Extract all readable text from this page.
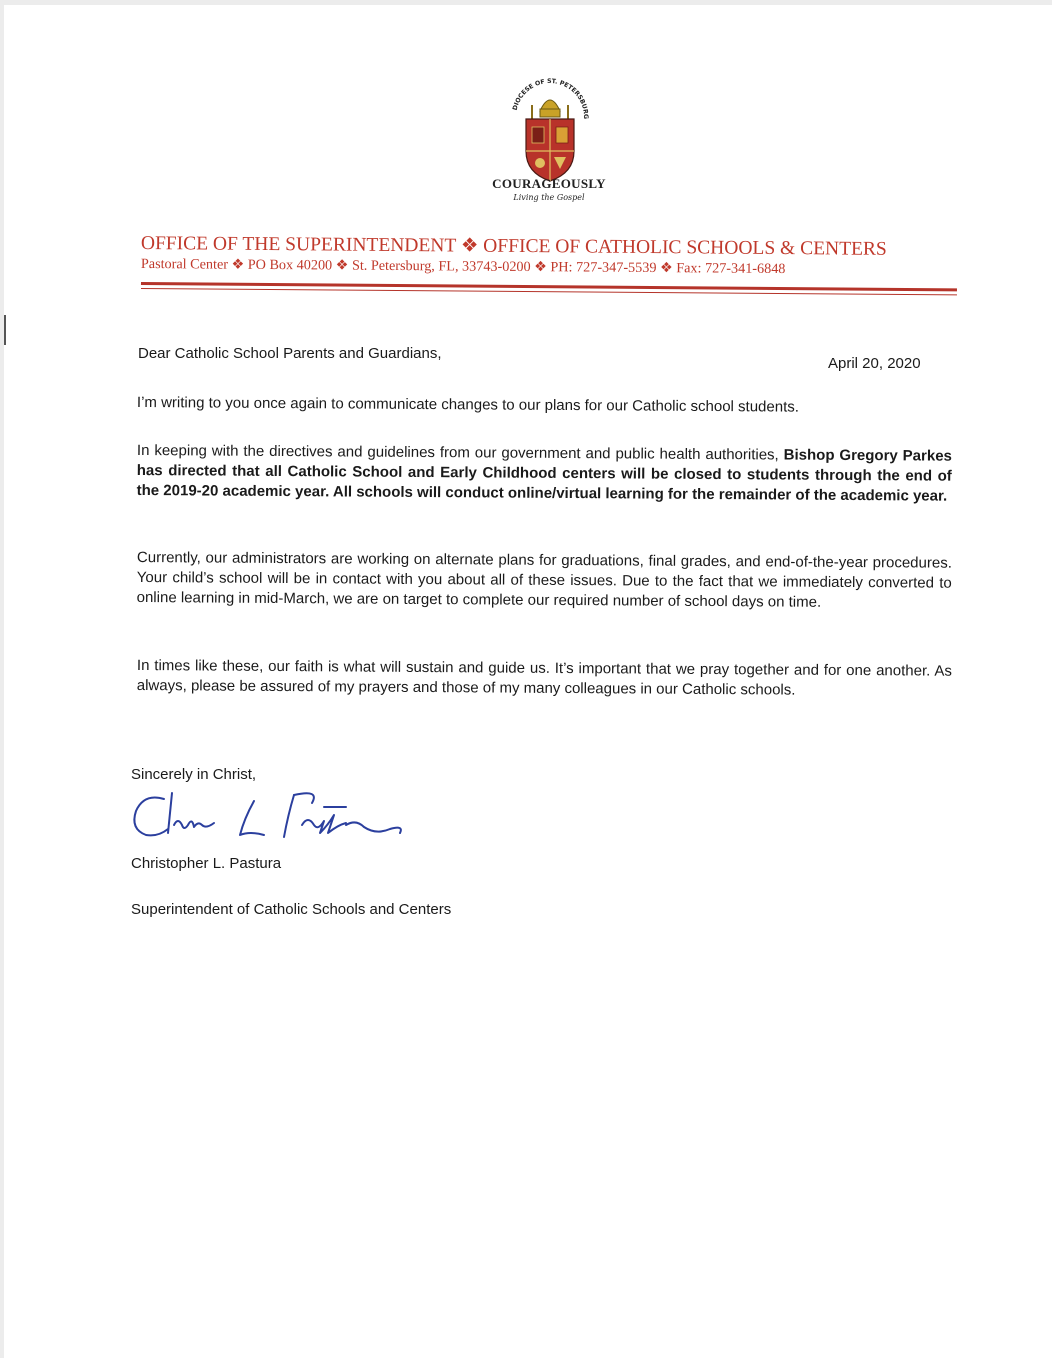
DIOCESE OF ST. PETERSBURG
COURAGEOUSLY
Living the Gospel
OFFICE OF THE SUPERINTENDENT ❖ OFFICE OF CATHOLIC SCHOOLS & CENTERS
Pastoral Center ❖ PO Box 40200 ❖ St. Petersburg, FL, 33743-0200 ❖ PH: 727-347-5539 ❖ Fax: 727-341-6848
Dear Catholic School Parents and Guardians,
April 20, 2020
I’m writing to you once again to communicate changes to our plans for our Catholic school students.
In keeping with the directives and guidelines from our government and public health authorities, Bishop Gregory Parkes has directed that all Catholic School and Early Childhood centers will be closed to students through the end of the 2019-20 academic year. All schools will conduct online/virtual learning for the remainder of the academic year.
Currently, our administrators are working on alternate plans for graduations, final grades, and end-of-the-year procedures. Your child’s school will be in contact with you about all of these issues. Due to the fact that we immediately converted to online learning in mid-March, we are on target to complete our required number of school days on time.
In times like these, our faith is what will sustain and guide us. It’s important that we pray together and for one another. As always, please be assured of my prayers and those of my many colleagues in our Catholic schools.
Sincerely in Christ,
Christopher L. Pastura
Superintendent of Catholic Schools and Centers
